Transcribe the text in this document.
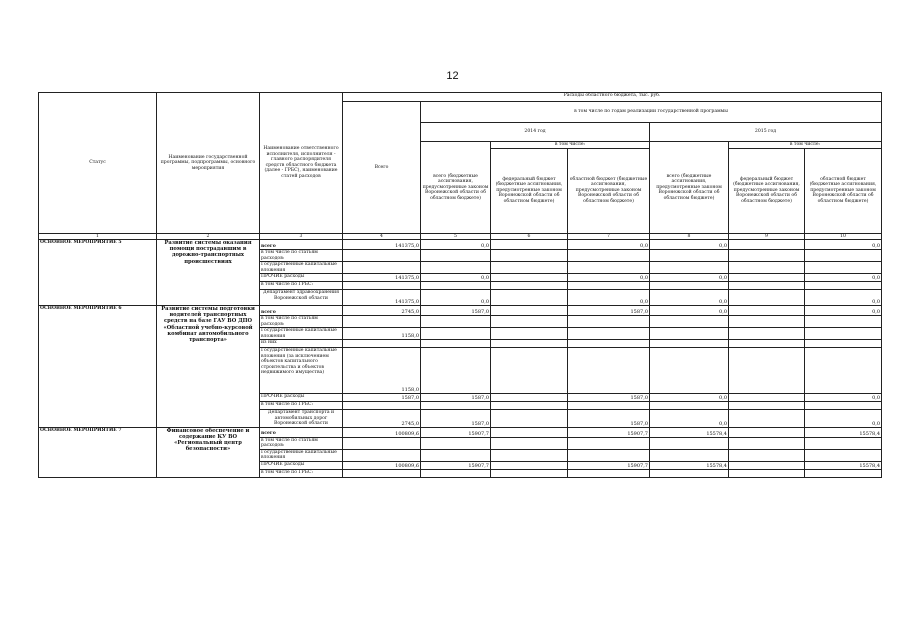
12
Статус	Наименование государственной программы, подпрограммы, основного мероприятия	Наименование ответственного исполнителя, исполнителя - главного распорядителя средств областного бюджета (далее - ГРБС), наименование статей расходов	Расходы областного бюджета, тыс. руб.						
			Всего	в том числе по годам реализации государственной программы					
				2014 год			2015 год		
				всего (бюджетные ассигнования, предусмотренные законом Воронежской области об областном бюджете)	в том числе:		всего (бюджетные ассигнования, предусмотренные законом Воронежской области об областном бюджете)	в том числе:	
					федеральный бюджет (бюджетные ассигнования, предусмотренные законом Воронежской области об областном бюджете)	областной бюджет (бюджетные ассигнования, предусмотренные законом Воронежской области об областном бюджете)		федеральный бюджет (бюджетные ассигнования, предусмотренные законом Воронежской области об областном бюджете)	областной бюджет (бюджетные ассигнования, предусмотренные законом Воронежской области об областном бюджете)
1	2	3	4	5	6	7	8	9	10
ОСНОВНОЕ МЕРОПРИЯТИЕ 5	Развитие системы оказания помощи пострадавшим в дорожно-транспортных происшествиях	всего	141375,0	0,0		0,0	0,0		0,0
		в том числе по статьям расходов:							
		Государственные капитальные вложения							
		ПРОЧИЕ расходы	141375,0	0,0		0,0	0,0		0,0
		в том числе по ГРБС:							
		Департамент здравоохранения Воронежской области	141375,0	0,0		0,0	0,0		0,0
ОСНОВНОЕ МЕРОПРИЯТИЕ 6	Развитие системы подготовки водителей транспортных средств на базе ГАУ ВО ДПО «Областной учебно-курсовой комбинат автомобильного транспорта»	всего	2745,0	1587,0		1587,0	0,0		0,0
		в том числе по статьям расходов:							
		Государственные капитальные вложения	1158,0						
		из них							
		Государственные капитальные вложения (за исключением объектов капитального строительства и объектов недвижимого имущества)	1158,0						
		ПРОЧИЕ расходы	1587,0	1587,0		1587,0	0,0		0,0
		в том числе по ГРБС:							
		Департамент транспорта и автомобильных дорог Воронежской области	2745,0	1587,0		1587,0	0,0		0,0
ОСНОВНОЕ МЕРОПРИЯТИЕ 7	Финансовое обеспечение и содержание КУ ВО «Региональный центр безопасности»	всего	100809,6	15907,7		15907,7	15578,4		15578,4
		в том числе по статьям расходов:							
		Государственные капитальные вложения							
		ПРОЧИЕ расходы	100809,6	15907,7		15907,7	15578,4		15578,4
		в том числе по ГРБС:							
